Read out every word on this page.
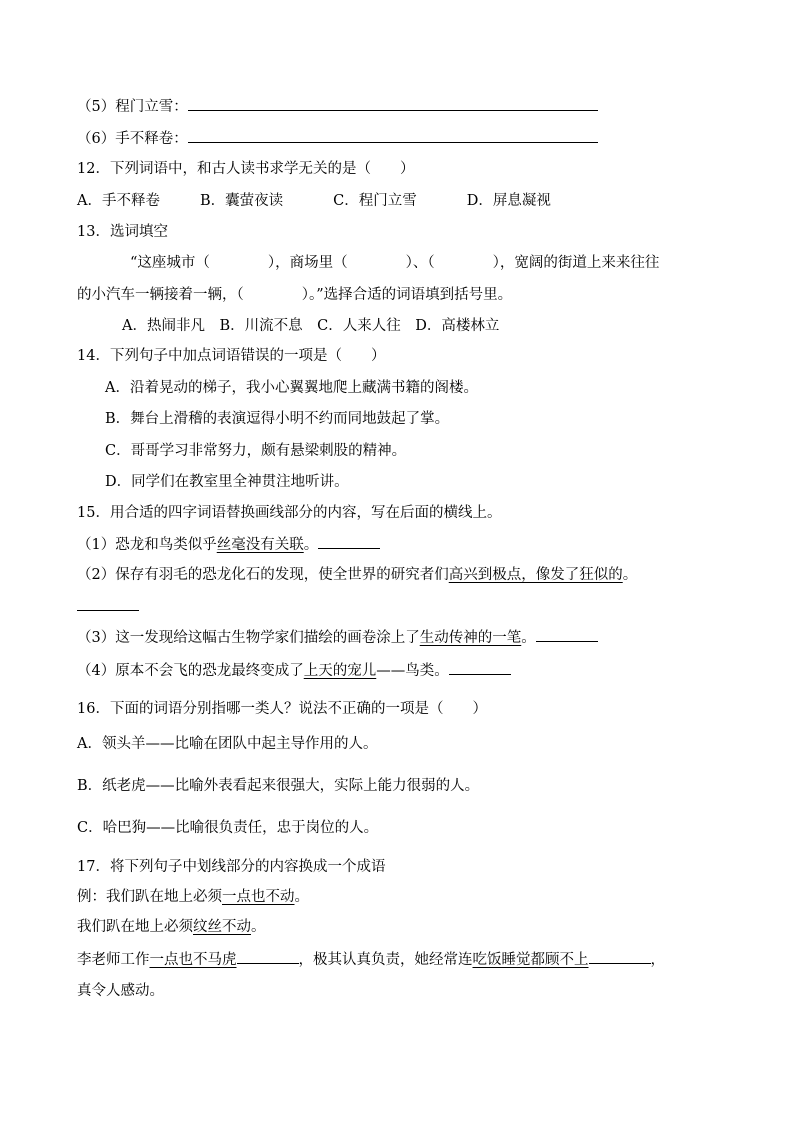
（5）程门立雪：
（6）手不释卷：
12．下列词语中，和古人读书求学无关的是（　　）
A．手不释卷	B．囊萤夜读	C．程门立雪	D．屏息凝视
13．选词填空
“这座城市（　　　　），商场里（　　　　）、（　　　　），宽阔的街道上来来往往
的小汽车一辆接着一辆，（　　　　）。”选择合适的词语填到括号里。
A．热闹非凡　B．川流不息　C．人来人往　D．高楼林立
14．下列句子中加点词语错误的一项是（　　）
A．沿着晃动的梯子，我小心翼翼地爬上藏满书籍的阁楼。
B．舞台上滑稽的表演逗得小明不约而同地鼓起了掌。
C．哥哥学习非常努力，颇有悬梁刺股的精神。
D．同学们在教室里全神贯注地听讲。
15．用合适的四字词语替换画线部分的内容，写在后面的横线上。
（1）恐龙和鸟类似乎丝毫没有关联。
（2）保存有羽毛的恐龙化石的发现，使全世界的研究者们高兴到极点，像发了狂似的。
（3）这一发现给这幅古生物学家们描绘的画卷涂上了生动传神的一笔。
（4）原本不会飞的恐龙最终变成了上天的宠儿——鸟类。
16．下面的词语分别指哪一类人？说法不正确的一项是（　　）
A．领头羊——比喻在团队中起主导作用的人。
B．纸老虎——比喻外表看起来很强大，实际上能力很弱的人。
C．哈巴狗——比喻很负责任，忠于岗位的人。
17．将下列句子中划线部分的内容换成一个成语
例：我们趴在地上必须一点也不动。
我们趴在地上必须纹丝不动。
李老师工作一点也不马虎	，极其认真负责，她经常连吃饭睡觉都顾不上	，
真令人感动。
